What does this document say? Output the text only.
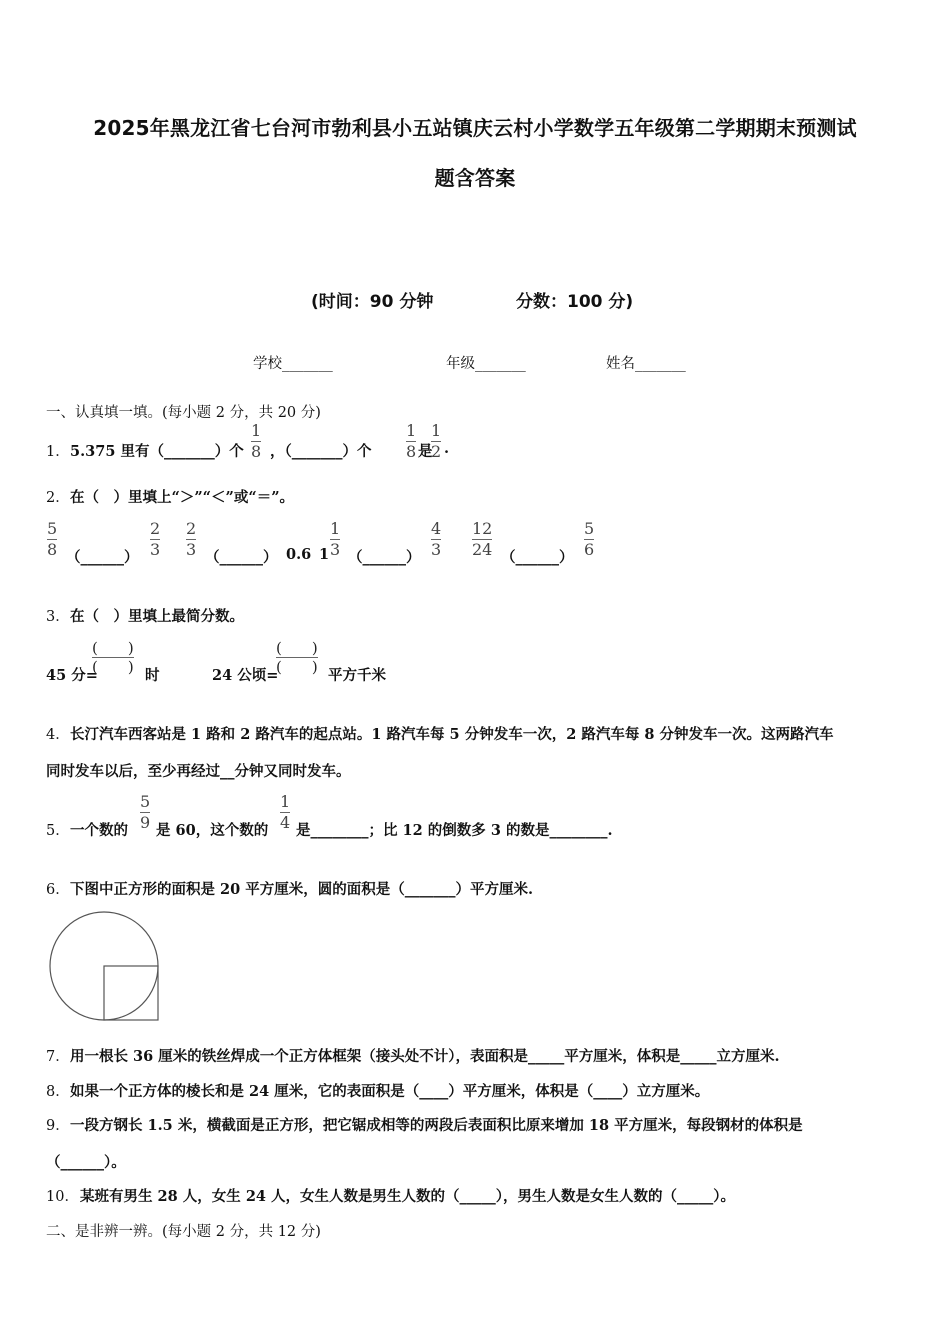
2025年黑龙江省七台河市勃利县小五站镇庆云村小学数学五年级第二学期期末预测试
题含答案
(时间：90 分钟	分数：100 分)
学校_______	年级_______	姓名_______
一、认真填一填。(每小题 2 分，共 20 分)
1． 5.375 里有（_______）个
1
8 ，（_______）个
1
8 是
1
2 .
2． 在（　）里填上“＞”“＜”或“＝”。
5
8 （______）
2
3
2
3 （______） 0.6 1
1
3 （______）
4
3
12
24 （______）
5
6
3． 在（　）里填上最简分数。
45 分=
(　　)
(　　) 时	24 公顷=
(　　)
(　　) 平方千米
4． 长汀汽车西客站是 1 路和 2 路汽车的起点站。1 路汽车每 5 分钟发车一次，2 路汽车每 8 分钟发车一次。这两路汽车
同时发车以后，至少再经过__分钟又同时发车。
5． 一个数的
5
9 是 60，这个数的
1
4 是________；比 12 的倒数多 3 的数是________.
6． 下图中正方形的面积是 20 平方厘米，圆的面积是（_______）平方厘米.
7． 用一根长 36 厘米的铁丝焊成一个正方体框架（接头处不计），表面积是_____平方厘米，体积是_____立方厘米.
8． 如果一个正方体的棱长和是 24 厘米，它的表面积是（____）平方厘米，体积是（____）立方厘米。
9． 一段方钢长 1.5 米，横截面是正方形，把它锯成相等的两段后表面积比原来增加 18 平方厘米，每段钢材的体积是
（______）。
10． 某班有男生 28 人，女生 24 人，女生人数是男生人数的（_____），男生人数是女生人数的（_____）。
二、是非辨一辨。(每小题 2 分，共 12 分)
